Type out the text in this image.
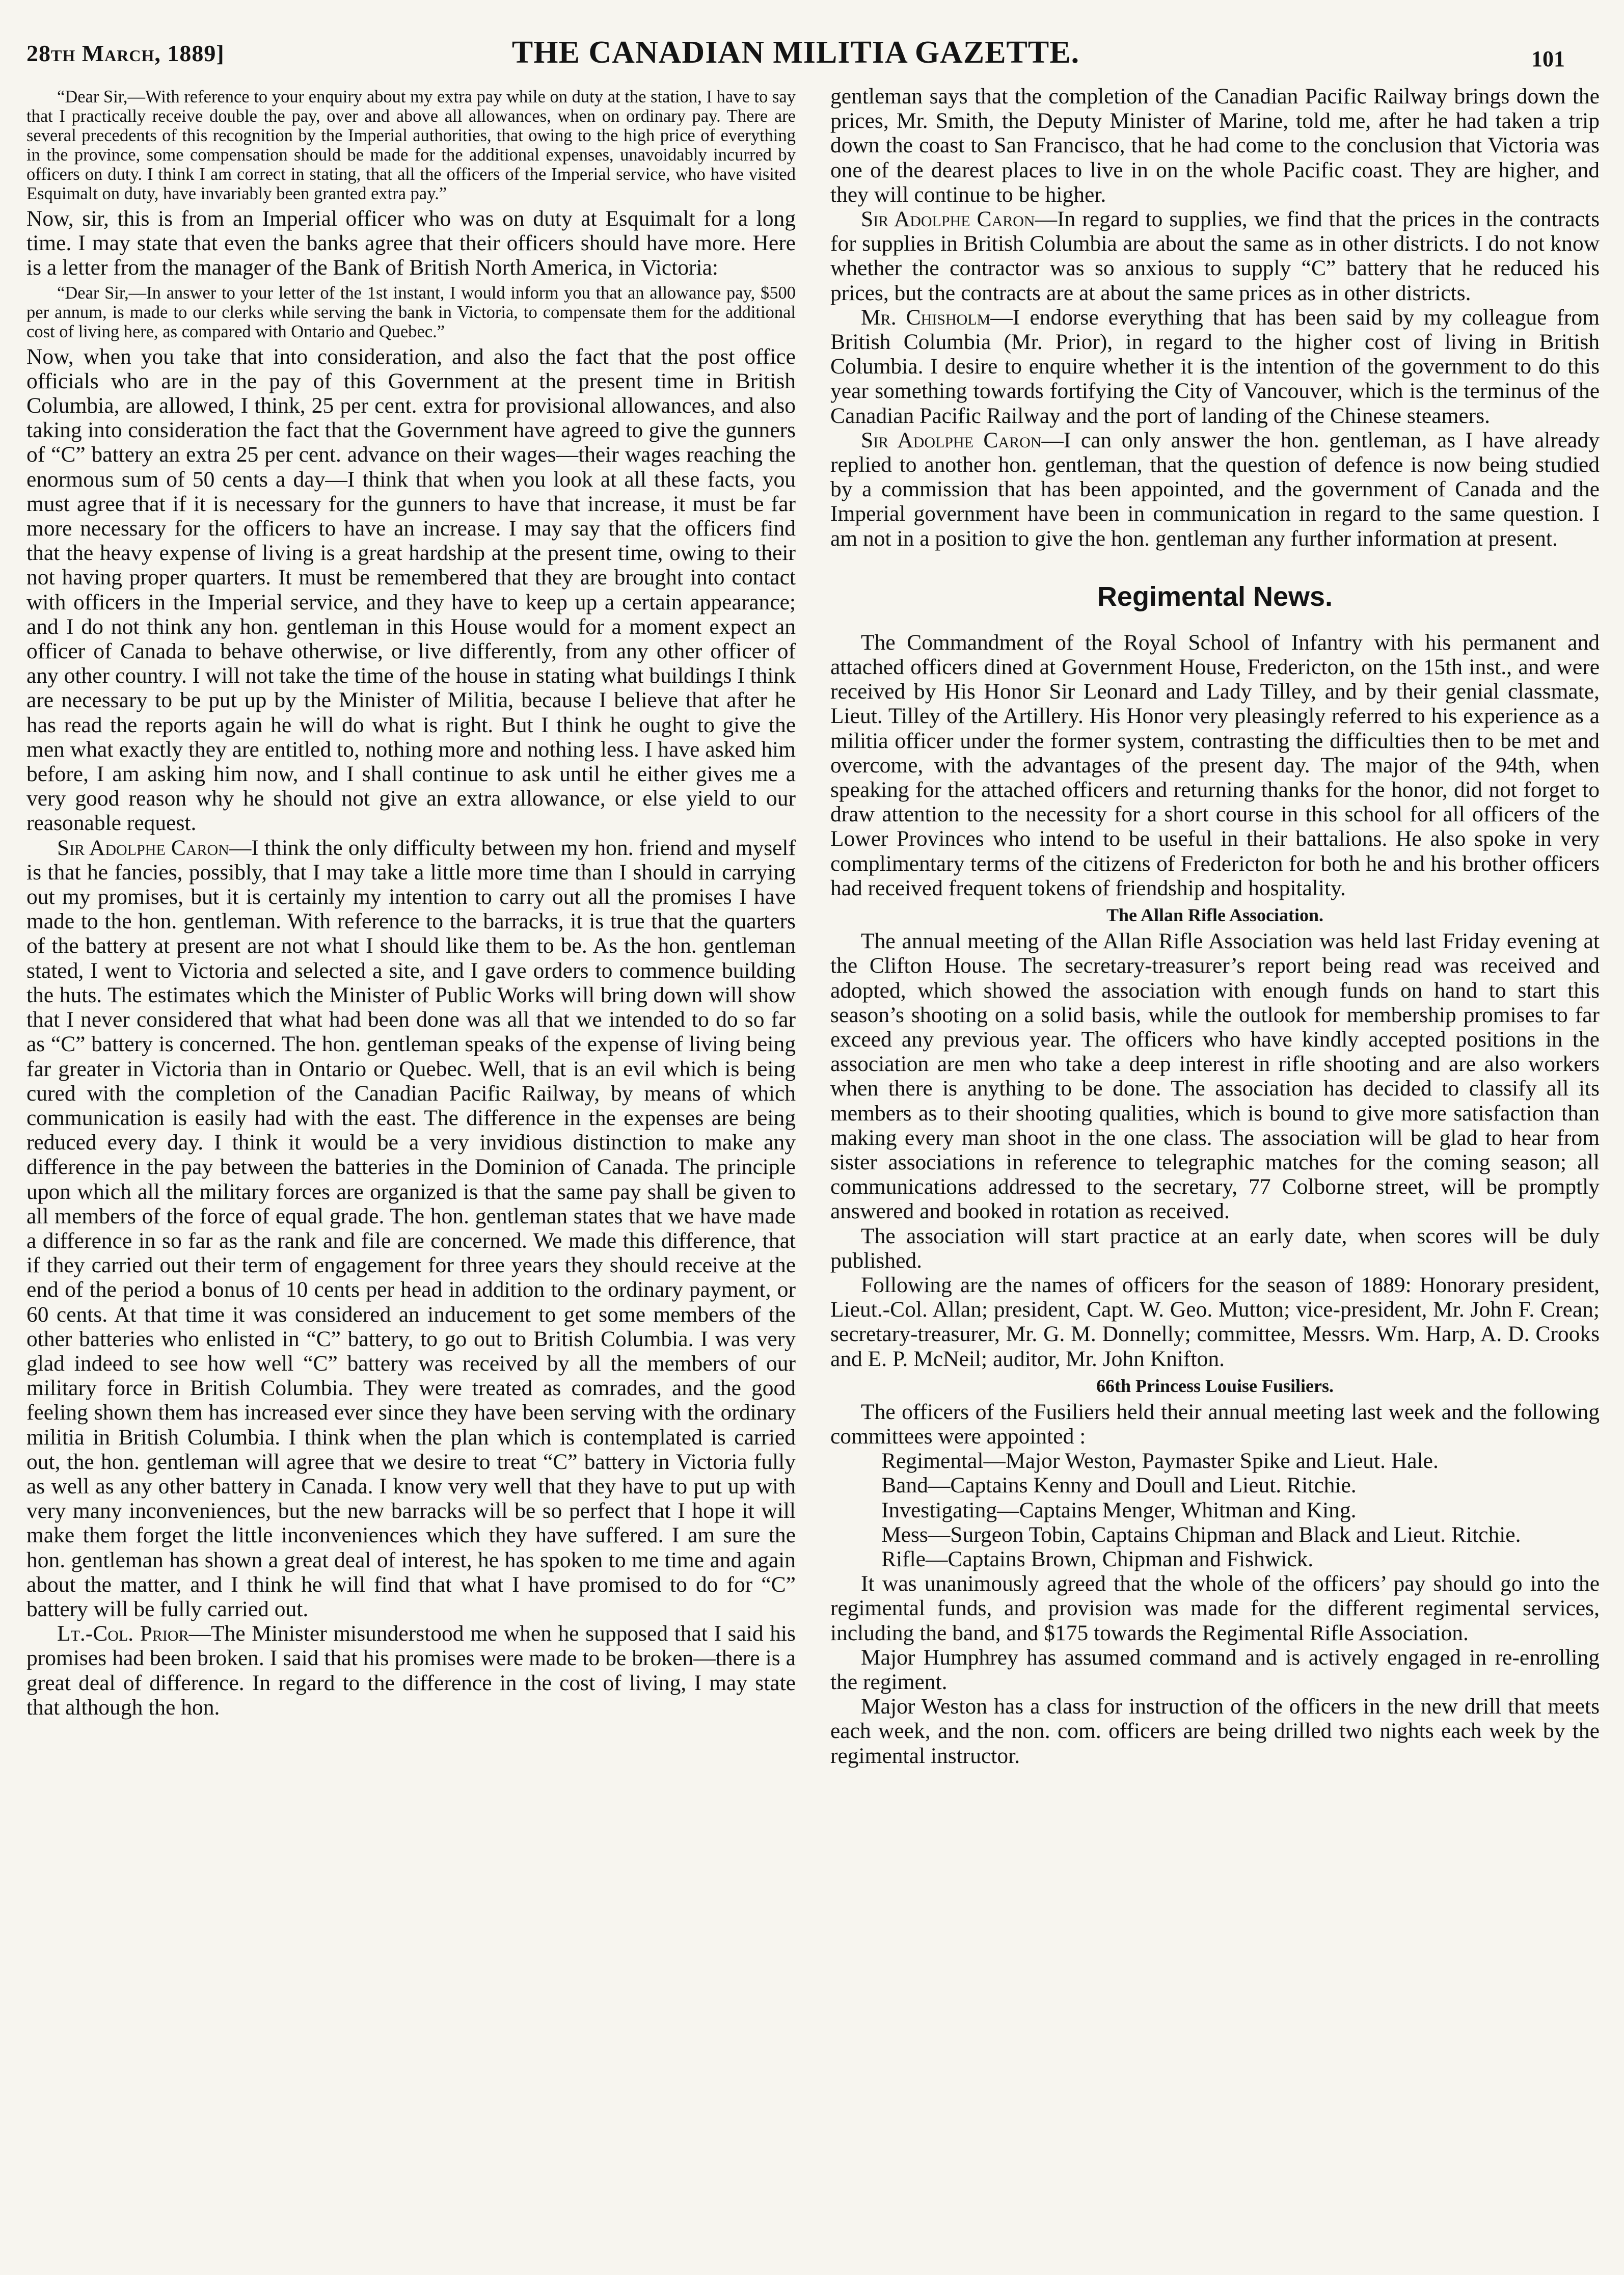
28th March, 1889]	THE CANADIAN MILITIA GAZETTE.	101

“Dear Sir,—With reference to your enquiry about my extra pay while on duty at the station, I have to say that I practically receive double the pay, over and above all allowances, when on ordinary pay. There are several precedents of this recognition by the Imperial authorities, that owing to the high price of everything in the province, some compensation should be made for the additional expenses, unavoidably incurred by officers on duty. I think I am correct in stating, that all the officers of the Imperial service, who have visited Esquimalt on duty, have invariably been granted extra pay.”

Now, sir, this is from an Imperial officer who was on duty at Esquimalt for a long time. I may state that even the banks agree that their officers should have more. Here is a letter from the manager of the Bank of British North America, in Victoria:

“Dear Sir,—In answer to your letter of the 1st instant, I would inform you that an allowance pay, $500 per annum, is made to our clerks while serving the bank in Victoria, to compensate them for the additional cost of living here, as compared with Ontario and Quebec.”

Now, when you take that into consideration, and also the fact that the post office officials who are in the pay of this Government at the present time in British Columbia, are allowed, I think, 25 per cent. extra for provisional allowances, and also taking into consideration the fact that the Government have agreed to give the gunners of “C” battery an extra 25 per cent. advance on their wages—their wages reaching the enormous sum of 50 cents a day—I think that when you look at all these facts, you must agree that if it is necessary for the gunners to have that increase, it must be far more necessary for the officers to have an increase. I may say that the officers find that the heavy expense of living is a great hardship at the present time, owing to their not having proper quarters. It must be remembered that they are brought into contact with officers in the Imperial service, and they have to keep up a certain appearance; and I do not think any hon. gentleman in this House would for a moment expect an officer of Canada to behave otherwise, or live differently, from any other officer of any other country. I will not take the time of the house in stating what buildings I think are necessary to be put up by the Minister of Militia, because I believe that after he has read the reports again he will do what is right. But I think he ought to give the men what exactly they are entitled to, nothing more and nothing less. I have asked him before, I am asking him now, and I shall continue to ask until he either gives me a very good reason why he should not give an extra allowance, or else yield to our reasonable request.

Sir Adolphe Caron—I think the only difficulty between my hon. friend and myself is that he fancies, possibly, that I may take a little more time than I should in carrying out my promises, but it is certainly my intention to carry out all the promises I have made to the hon. gentleman. With reference to the barracks, it is true that the quarters of the battery at present are not what I should like them to be. As the hon. gentleman stated, I went to Victoria and selected a site, and I gave orders to commence building the huts. The estimates which the Minister of Public Works will bring down will show that I never considered that what had been done was all that we intended to do so far as “C” battery is concerned. The hon. gentleman speaks of the expense of living being far greater in Victoria than in Ontario or Quebec. Well, that is an evil which is being cured with the completion of the Canadian Pacific Railway, by means of which communication is easily had with the east. The difference in the expenses are being reduced every day. I think it would be a very invidious distinction to make any difference in the pay between the batteries in the Dominion of Canada. The principle upon which all the military forces are organized is that the same pay shall be given to all members of the force of equal grade. The hon. gentleman states that we have made a difference in so far as the rank and file are concerned. We made this difference, that if they carried out their term of engagement for three years they should receive at the end of the period a bonus of 10 cents per head in addition to the ordinary payment, or 60 cents. At that time it was considered an inducement to get some members of the other batteries who enlisted in “C” battery, to go out to British Columbia. I was very glad indeed to see how well “C” battery was received by all the members of our military force in British Columbia. They were treated as comrades, and the good feeling shown them has increased ever since they have been serving with the ordinary militia in British Columbia. I think when the plan which is contemplated is carried out, the hon. gentleman will agree that we desire to treat “C” battery in Victoria fully as well as any other battery in Canada. I know very well that they have to put up with very many inconveniences, but the new barracks will be so perfect that I hope it will make them forget the little inconveniences which they have suffered. I am sure the hon. gentleman has shown a great deal of interest, he has spoken to me time and again about the matter, and I think he will find that what I have promised to do for “C” battery will be fully carried out.

Lt.-Col. Prior—The Minister misunderstood me when he supposed that I said his promises had been broken. I said that his promises were made to be broken—there is a great deal of difference. In regard to the difference in the cost of living, I may state that although the hon.

gentleman says that the completion of the Canadian Pacific Railway brings down the prices, Mr. Smith, the Deputy Minister of Marine, told me, after he had taken a trip down the coast to San Francisco, that he had come to the conclusion that Victoria was one of the dearest places to live in on the whole Pacific coast. They are higher, and they will continue to be higher.

Sir Adolphe Caron—In regard to supplies, we find that the prices in the contracts for supplies in British Columbia are about the same as in other districts. I do not know whether the contractor was so anxious to supply “C” battery that he reduced his prices, but the contracts are at about the same prices as in other districts.

Mr. Chisholm—I endorse everything that has been said by my colleague from British Columbia (Mr. Prior), in regard to the higher cost of living in British Columbia. I desire to enquire whether it is the intention of the government to do this year something towards fortifying the City of Vancouver, which is the terminus of the Canadian Pacific Railway and the port of landing of the Chinese steamers.

Sir Adolphe Caron—I can only answer the hon. gentleman, as I have already replied to another hon. gentleman, that the question of defence is now being studied by a commission that has been appointed, and the government of Canada and the Imperial government have been in communication in regard to the same question. I am not in a position to give the hon. gentleman any further information at present.

Regimental News.

The Commandment of the Royal School of Infantry with his permanent and attached officers dined at Government House, Fredericton, on the 15th inst., and were received by His Honor Sir Leonard and Lady Tilley, and by their genial classmate, Lieut. Tilley of the Artillery. His Honor very pleasingly referred to his experience as a militia officer under the former system, contrasting the difficulties then to be met and overcome, with the advantages of the present day. The major of the 94th, when speaking for the attached officers and returning thanks for the honor, did not forget to draw attention to the necessity for a short course in this school for all officers of the Lower Provinces who intend to be useful in their battalions. He also spoke in very complimentary terms of the citizens of Fredericton for both he and his brother officers had received frequent tokens of friendship and hospitality.

The Allan Rifle Association.

The annual meeting of the Allan Rifle Association was held last Friday evening at the Clifton House. The secretary-treasurer’s report being read was received and adopted, which showed the association with enough funds on hand to start this season’s shooting on a solid basis, while the outlook for membership promises to far exceed any previous year. The officers who have kindly accepted positions in the association are men who take a deep interest in rifle shooting and are also workers when there is anything to be done. The association has decided to classify all its members as to their shooting qualities, which is bound to give more satisfaction than making every man shoot in the one class. The association will be glad to hear from sister associations in reference to telegraphic matches for the coming season; all communications addressed to the secretary, 77 Colborne street, will be promptly answered and booked in rotation as received.

The association will start practice at an early date, when scores will be duly published.

Following are the names of officers for the season of 1889: Honorary president, Lieut.-Col. Allan; president, Capt. W. Geo. Mutton; vice-president, Mr. John F. Crean; secretary-treasurer, Mr. G. M. Donnelly; committee, Messrs. Wm. Harp, A. D. Crooks and E. P. McNeil; auditor, Mr. John Knifton.

66th Princess Louise Fusiliers.

The officers of the Fusiliers held their annual meeting last week and the following committees were appointed :

Regimental—Major Weston, Paymaster Spike and Lieut. Hale.

Band—Captains Kenny and Doull and Lieut. Ritchie.

Investigating—Captains Menger, Whitman and King.

Mess—Surgeon Tobin, Captains Chipman and Black and Lieut. Ritchie.

Rifle—Captains Brown, Chipman and Fishwick.

It was unanimously agreed that the whole of the officers’ pay should go into the regimental funds, and provision was made for the different regimental services, including the band, and $175 towards the Regimental Rifle Association.

Major Humphrey has assumed command and is actively engaged in re-enrolling the regiment.

Major Weston has a class for instruction of the officers in the new drill that meets each week, and the non. com. officers are being drilled two nights each week by the regimental instructor.
